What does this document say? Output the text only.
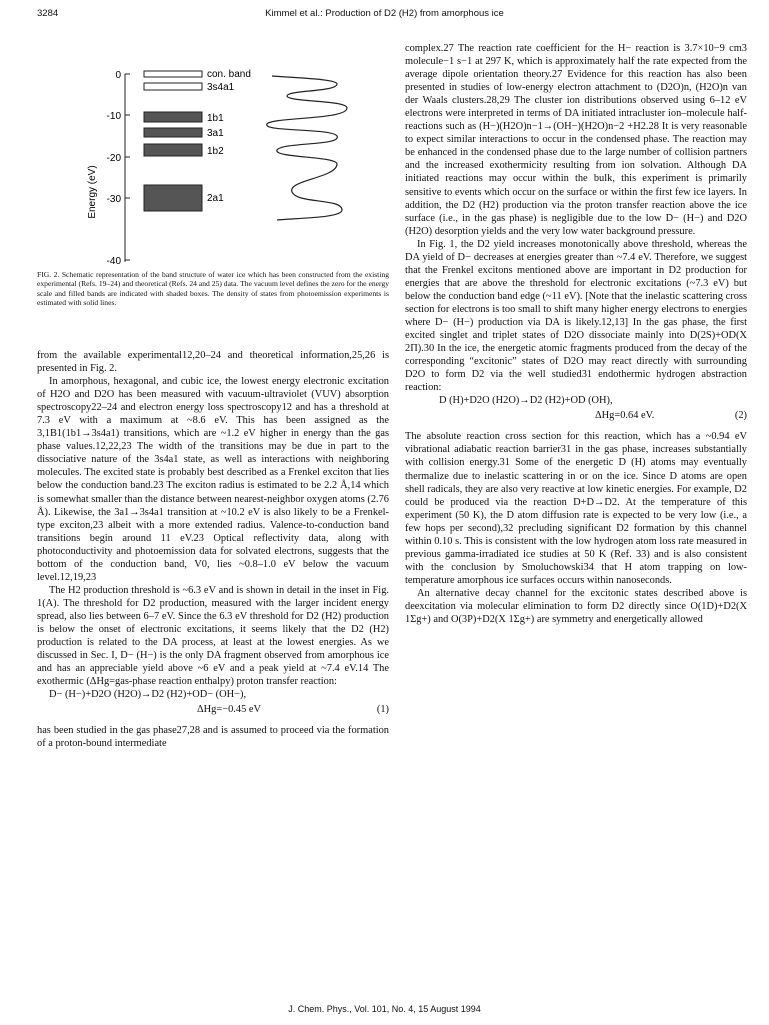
3284	Kimmel et al.: Production of D2 (H2) from amorphous ice
Energy (eV)
0
-10
-20
-30
-40
con. band
3s4a1
1b1
3a1
1b2
2a1
FIG. 2. Schematic representation of the band structure of water ice which has been constructed from the existing experimental (Refs. 19–24) and theoretical (Refs. 24 and 25) data. The vacuum level defines the zero for the energy scale and filled bands are indicated with shaded boxes. The density of states from photoemission experiments is estimated with solid lines.

from the available experimental12,20–24 and theoretical information,25,26 is presented in Fig. 2.

In amorphous, hexagonal, and cubic ice, the lowest energy electronic excitation of H2O and D2O has been measured with vacuum-ultraviolet (VUV) absorption spectroscopy22–24 and electron energy loss spectroscopy12 and has a threshold at 7.3 eV with a maximum at ~8.6 eV. This has been assigned as the 3,1B1(1b1→3s4a1) transitions, which are ~1.2 eV higher in energy than the gas phase values.12,22,23 The width of the transitions may be due in part to the dissociative nature of the 3s4a1 state, as well as interactions with neighboring molecules. The excited state is probably best described as a Frenkel exciton that lies below the conduction band.23 The exciton radius is estimated to be 2.2 Å,14 which is somewhat smaller than the distance between nearest-neighbor oxygen atoms (2.76 Å). Likewise, the 3a1→3s4a1 transition at ~10.2 eV is also likely to be a Frenkel-type exciton,23 albeit with a more extended radius. Valence-to-conduction band transitions begin around 11 eV.23 Optical reflectivity data, along with photoconductivity and photoemission data for solvated electrons, suggests that the bottom of the conduction band, V0, lies ~0.8–1.0 eV below the vacuum level.12,19,23

The H2 production threshold is ~6.3 eV and is shown in detail in the inset in Fig. 1(A). The threshold for D2 production, measured with the larger incident energy spread, also lies between 6–7 eV. Since the 6.3 eV threshold for D2 (H2) production is below the onset of electronic excitations, it seems likely that the D2 (H2) production is related to the DA process, at least at the lowest energies. As we discussed in Sec. I, D− (H−) is the only DA fragment observed from amorphous ice and has an appreciable yield above ~6 eV and a peak yield at ~7.4 eV.14 The exothermic (ΔHg=gas-phase reaction enthalpy) proton transfer reaction:

D− (H−)+D2O (H2O)→D2 (H2)+OD− (OH−),

ΔHg=−0.45 eV	(1)

has been studied in the gas phase27,28 and is assumed to proceed via the formation of a proton-bound intermediate

complex.27 The reaction rate coefficient for the H− reaction is 3.7×10−9 cm3 molecule−1 s−1 at 297 K, which is approximately half the rate expected from the average dipole orientation theory.27 Evidence for this reaction has also been presented in studies of low-energy electron attachment to (D2O)n, (H2O)n van der Waals clusters.28,29 The cluster ion distributions observed using 6–12 eV electrons were interpreted in terms of DA initiated intracluster ion–molecule half-reactions such as (H−)(H2O)n−1→(OH−)(H2O)n−2 +H2.28 It is very reasonable to expect similar interactions to occur in the condensed phase. The reaction may be enhanced in the condensed phase due to the large number of collision partners and the increased exothermicity resulting from ion solvation. Although DA initiated reactions may occur within the bulk, this experiment is primarily sensitive to events which occur on the surface or within the first few ice layers. In addition, the D2 (H2) production via the proton transfer reaction above the ice surface (i.e., in the gas phase) is negligible due to the low D− (H−) and D2O (H2O) desorption yields and the very low water background pressure.

In Fig. 1, the D2 yield increases monotonically above threshold, whereas the DA yield of D− decreases at energies greater than ~7.4 eV. Therefore, we suggest that the Frenkel excitons mentioned above are important in D2 production for energies that are above the threshold for electronic excitations (~7.3 eV) but below the conduction band edge (~11 eV). [Note that the inelastic scattering cross section for electrons is too small to shift many higher energy electrons to energies where D− (H−) production via DA is likely.12,13] In the gas phase, the first excited singlet and triplet states of D2O dissociate mainly into D(2S)+OD(X 2Π).30 In the ice, the energetic atomic fragments produced from the decay of the corresponding “excitonic” states of D2O may react directly with surrounding D2O to form D2 via the well studied31 endothermic hydrogen abstraction reaction:

D (H)+D2O (H2O)→D2 (H2)+OD (OH),

ΔHg=0.64 eV.	(2)

The absolute reaction cross section for this reaction, which has a ~0.94 eV vibrational adiabatic reaction barrier31 in the gas phase, increases substantially with collision energy.31 Some of the energetic D (H) atoms may eventually thermalize due to inelastic scattering in or on the ice. Since D atoms are open shell radicals, they are also very reactive at low kinetic energies. For example, D2 could be produced via the reaction D+D→D2. At the temperature of this experiment (50 K), the D atom diffusion rate is expected to be very low (i.e., a few hops per second),32 precluding significant D2 formation by this channel within 0.10 s. This is consistent with the low hydrogen atom loss rate measured in previous gamma-irradiated ice studies at 50 K (Ref. 33) and is also consistent with the conclusion by Smoluchowski34 that H atom trapping on low-temperature amorphous ice surfaces occurs within nanoseconds.

An alternative decay channel for the excitonic states described above is deexcitation via molecular elimination to form D2 directly since O(1D)+D2(X 1Σg+) and O(3P)+D2(X 1Σg+) are symmetry and energetically allowed

J. Chem. Phys., Vol. 101, No. 4, 15 August 1994
